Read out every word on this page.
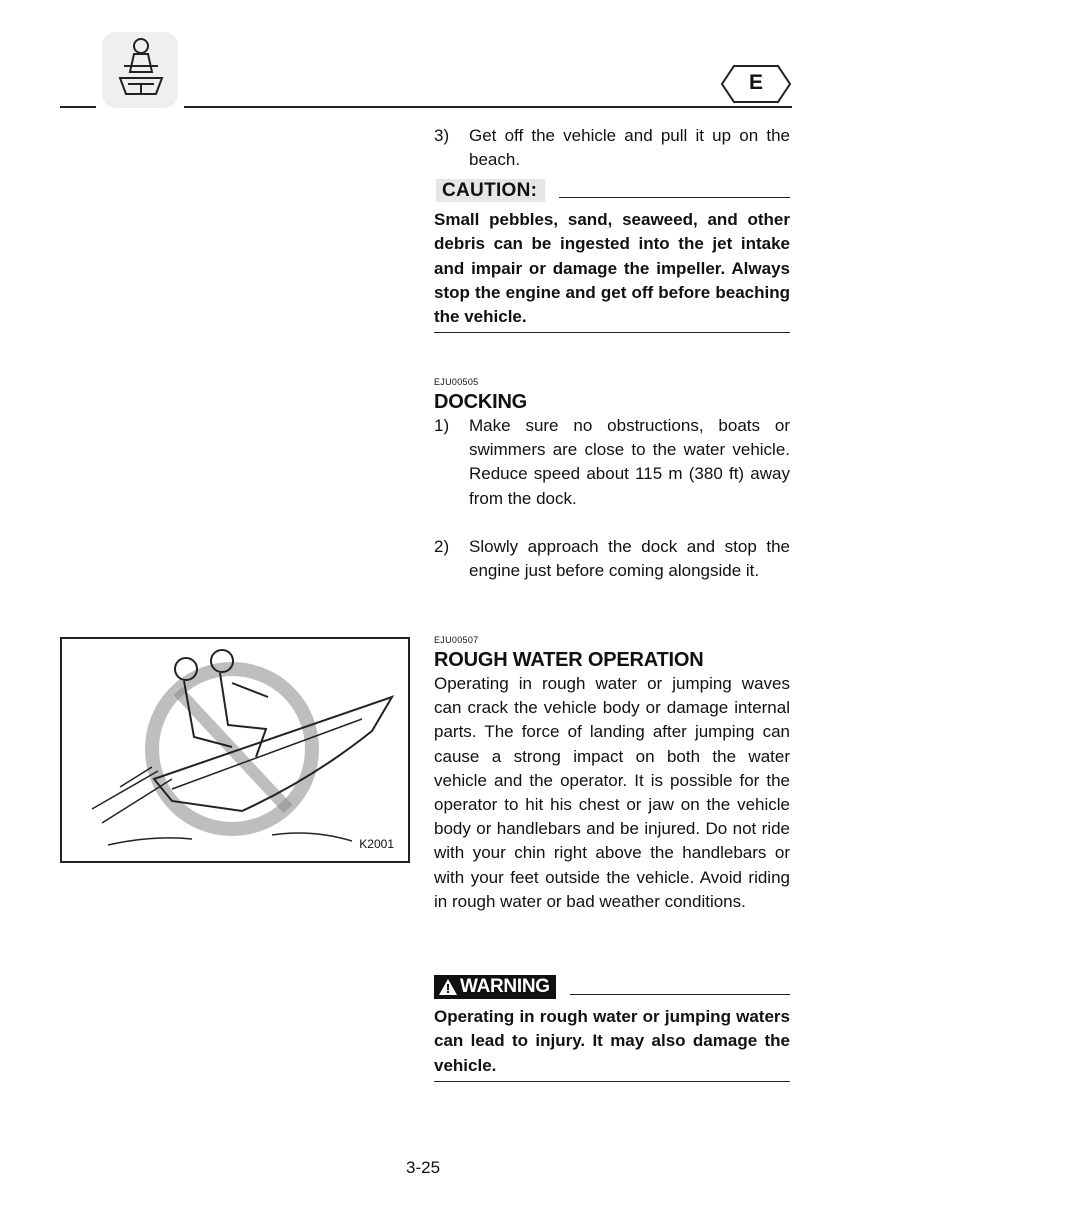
E
3)	Get off the vehicle and pull it up on the beach.
CAUTION:
Small pebbles, sand, seaweed, and other debris can be ingested into the jet intake and impair or damage the impeller. Always stop the engine and get off before beaching the vehicle.
EJU00505
DOCKING
1)	Make sure no obstructions, boats or swimmers are close to the water vehicle. Reduce speed about 115 m (380 ft) away from the dock.
2)	Slowly approach the dock and stop the engine just before coming alongside it.
K2001
EJU00507
ROUGH WATER OPERATION
Operating in rough water or jumping waves can crack the vehicle body or damage internal parts. The force of landing after jumping can cause a strong impact on both the water vehicle and the operator. It is possible for the operator to hit his chest or jaw on the vehicle body or handlebars and be injured. Do not ride with your chin right above the handlebars or with your feet outside the vehicle. Avoid riding in rough water or bad weather conditions.
WARNING
Operating in rough water or jumping waters can lead to injury. It may also damage the vehicle.
3-25
